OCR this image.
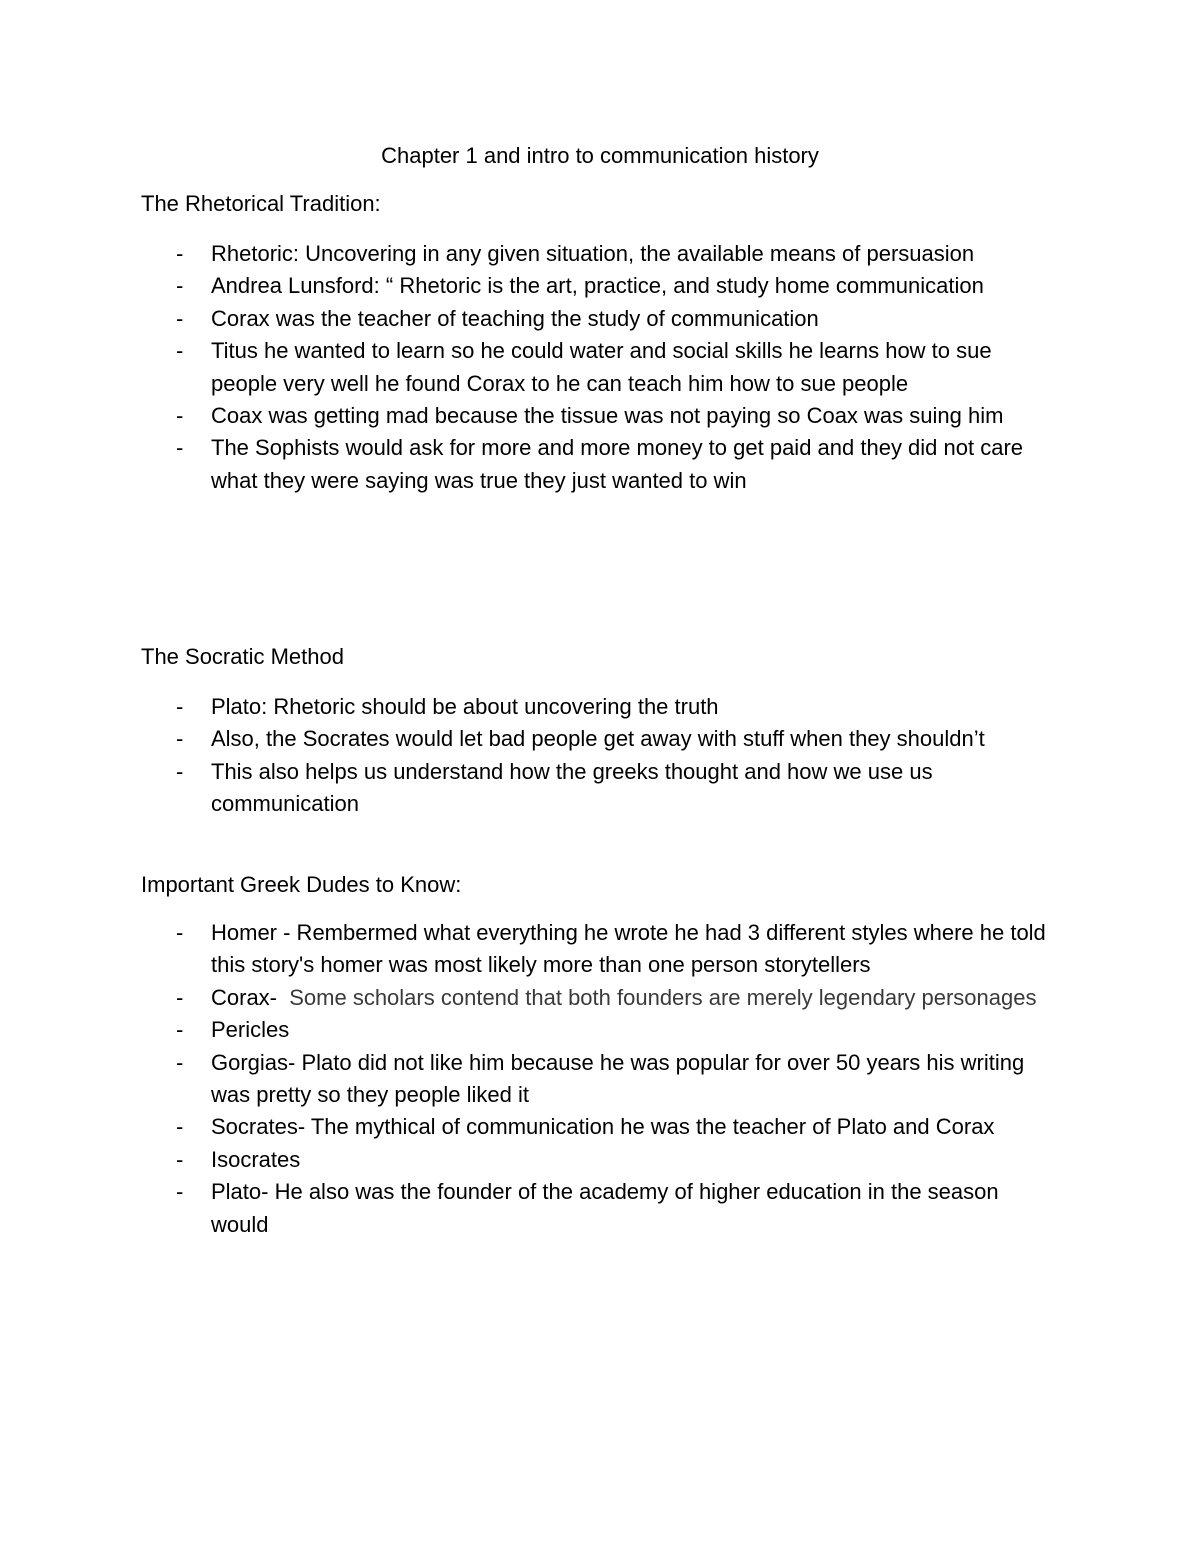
Chapter 1 and intro to communication history
The Rhetorical Tradition:
- Rhetoric: Uncovering in any given situation, the available means of persuasion
- Andrea Lunsford: “ Rhetoric is the art, practice, and study home communication
- Corax was the teacher of teaching the study of communication
- Titus he wanted to learn so he could water and social skills he learns how to sue people very well he found Corax to he can teach him how to sue people
- Coax was getting mad because the tissue was not paying so Coax was suing him
- The Sophists would ask for more and more money to get paid and they did not care what they were saying was true they just wanted to win
The Socratic Method
- Plato: Rhetoric should be about uncovering the truth
- Also, the Socrates would let bad people get away with stuff when they shouldn’t
- This also helps us understand how the greeks thought and how we use us communication
Important Greek Dudes to Know:
- Homer - Rembermed what everything he wrote he had 3 different styles where he told this story's homer was most likely more than one person storytellers
- Corax-  Some scholars contend that both founders are merely legendary personages
- Pericles
- Gorgias- Plato did not like him because he was popular for over 50 years his writing was pretty so they people liked it
- Socrates- The mythical of communication he was the teacher of Plato and Corax
- Isocrates
- Plato- He also was the founder of the academy of higher education in the season would
